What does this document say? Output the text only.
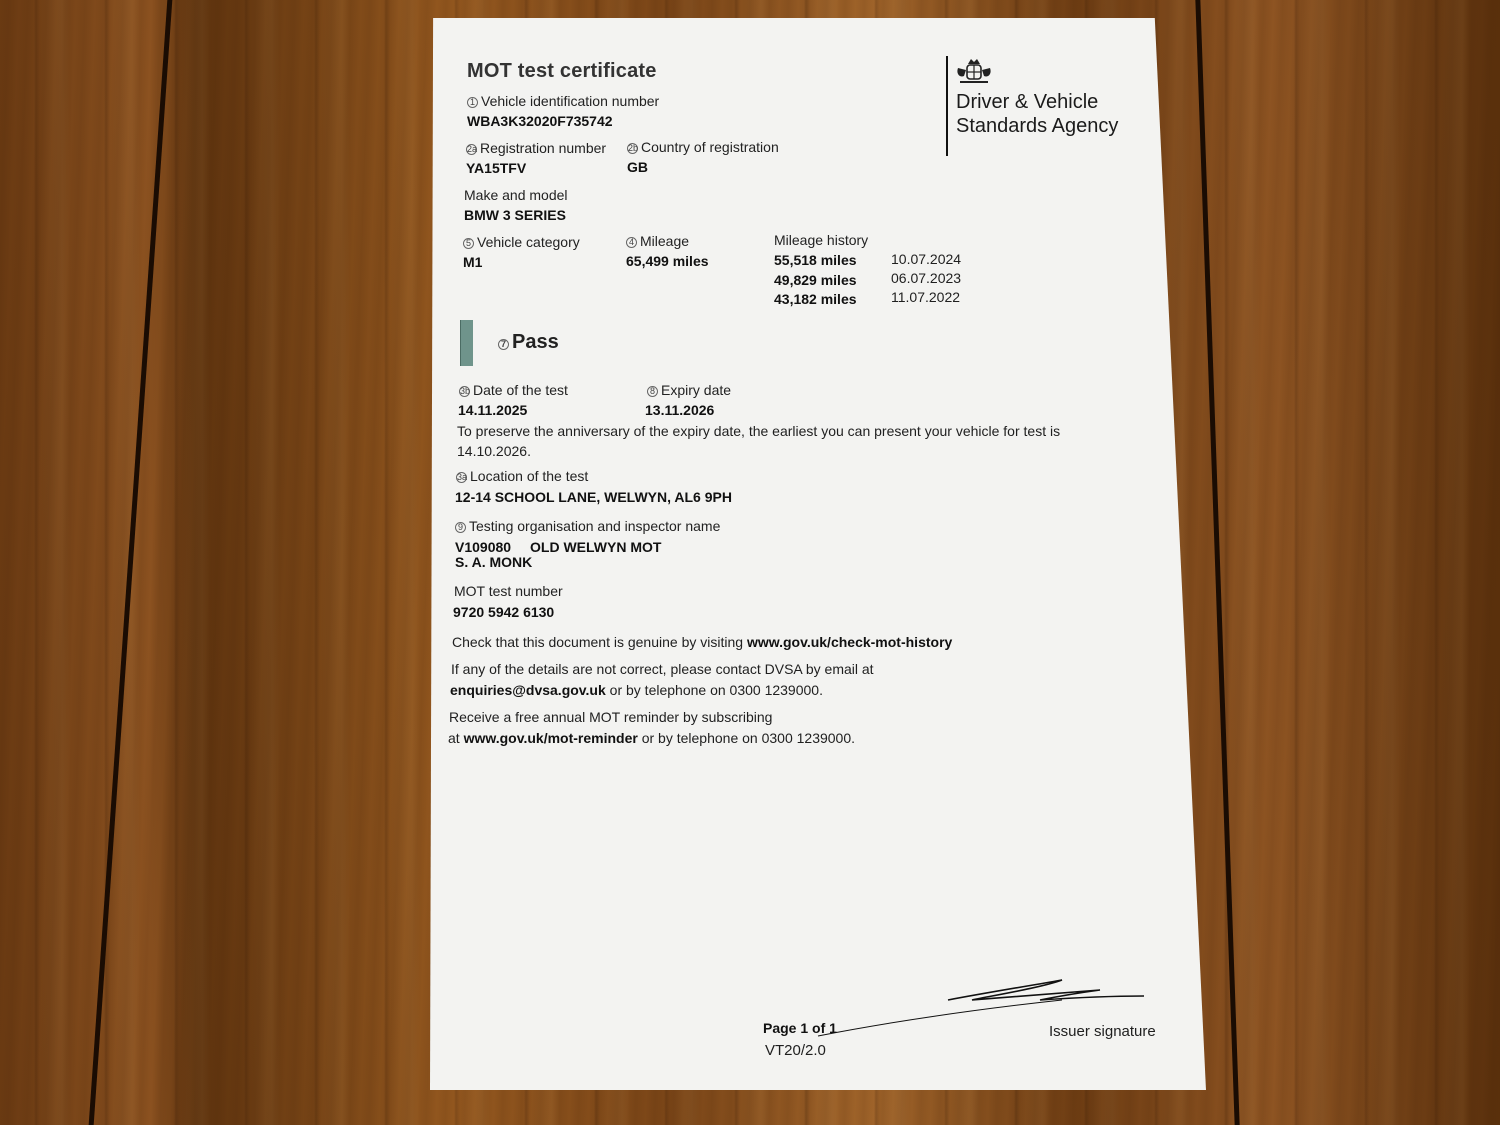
MOT test certificate
Driver & Vehicle Standards Agency
1 Vehicle identification number
WBA3K32020F735742
2a Registration number
YA15TFV
2b Country of registration
GB
Make and model
BMW 3 SERIES
5 Vehicle category
M1
4 Mileage
65,499 miles
Mileage history
55,518 miles 10.07.2024
49,829 miles 06.07.2023
43,182 miles 11.07.2022
7 Pass
3b Date of the test
14.11.2025
8 Expiry date
13.11.2026
To preserve the anniversary of the expiry date, the earliest you can present your vehicle for test is
14.10.2026.
3a Location of the test
12-14 SCHOOL LANE, WELWYN, AL6 9PH
9 Testing organisation and inspector name
V109080 OLD WELWYN MOT
S. A. MONK
MOT test number
9720 5942 6130
Check that this document is genuine by visiting www.gov.uk/check-mot-history
If any of the details are not correct, please contact DVSA by email at
enquiries@dvsa.gov.uk or by telephone on 0300 1239000.
Receive a free annual MOT reminder by subscribing
at www.gov.uk/mot-reminder or by telephone on 0300 1239000.
Page 1 of 1
VT20/2.0
Issuer signature
